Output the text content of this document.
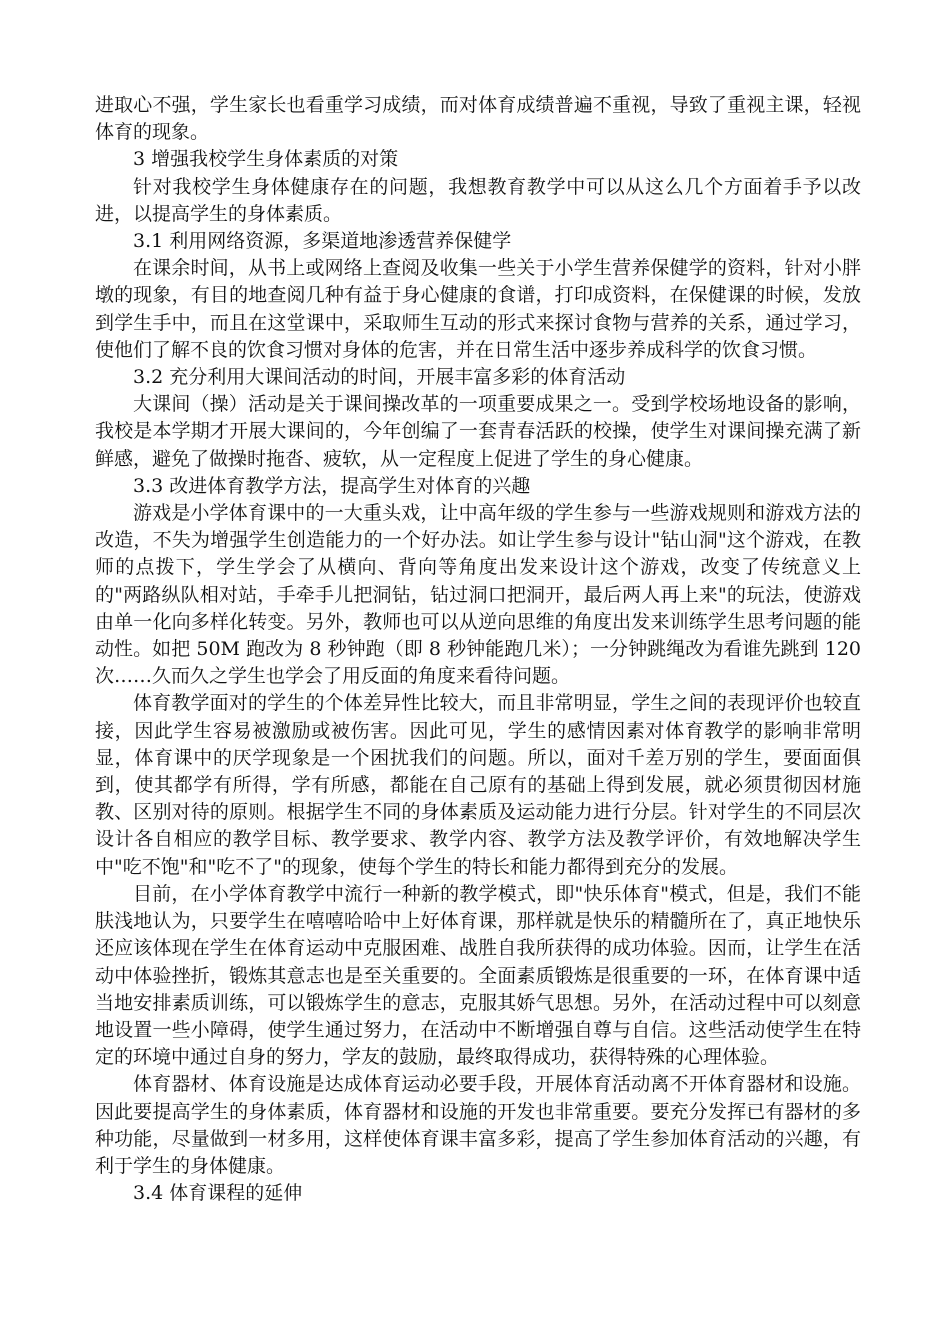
进取心不强，学生家长也看重学习成绩，而对体育成绩普遍不重视，导致了重视主课，轻视体育的现象。

3 增强我校学生身体素质的对策

针对我校学生身体健康存在的问题，我想教育教学中可以从这么几个方面着手予以改进，以提高学生的身体素质。

3.1 利用网络资源，多渠道地渗透营养保健学

在课余时间，从书上或网络上查阅及收集一些关于小学生营养保健学的资料，针对小胖墩的现象，有目的地查阅几种有益于身心健康的食谱，打印成资料，在保健课的时候，发放到学生手中，而且在这堂课中，采取师生互动的形式来探讨食物与营养的关系，通过学习，使他们了解不良的饮食习惯对身体的危害，并在日常生活中逐步养成科学的饮食习惯。

3.2 充分利用大课间活动的时间，开展丰富多彩的体育活动

大课间（操）活动是关于课间操改革的一项重要成果之一。受到学校场地设备的影响，我校是本学期才开展大课间的，今年创编了一套青春活跃的校操，使学生对课间操充满了新鲜感，避免了做操时拖沓、疲软，从一定程度上促进了学生的身心健康。

3.3 改进体育教学方法，提高学生对体育的兴趣

游戏是小学体育课中的一大重头戏，让中高年级的学生参与一些游戏规则和游戏方法的改造，不失为增强学生创造能力的一个好办法。如让学生参与设计"钻山洞"这个游戏，在教师的点拨下，学生学会了从横向、背向等角度出发来设计这个游戏，改变了传统意义上的"两路纵队相对站，手牵手儿把洞钻，钻过洞口把洞开，最后两人再上来"的玩法，使游戏由单一化向多样化转变。另外，教师也可以从逆向思维的角度出发来训练学生思考问题的能动性。如把 50M 跑改为 8 秒钟跑（即 8 秒钟能跑几米）；一分钟跳绳改为看谁先跳到 120 次……久而久之学生也学会了用反面的角度来看待问题。

体育教学面对的学生的个体差异性比较大，而且非常明显，学生之间的表现评价也较直接，因此学生容易被激励或被伤害。因此可见，学生的感情因素对体育教学的影响非常明显，体育课中的厌学现象是一个困扰我们的问题。所以，面对千差万别的学生，要面面俱到，使其都学有所得，学有所感，都能在自己原有的基础上得到发展，就必须贯彻因材施教、区别对待的原则。根据学生不同的身体素质及运动能力进行分层。针对学生的不同层次设计各自相应的教学目标、教学要求、教学内容、教学方法及教学评价，有效地解决学生中"吃不饱"和"吃不了"的现象，使每个学生的特长和能力都得到充分的发展。

目前，在小学体育教学中流行一种新的教学模式，即"快乐体育"模式，但是，我们不能肤浅地认为，只要学生在嘻嘻哈哈中上好体育课，那样就是快乐的精髓所在了，真正地快乐还应该体现在学生在体育运动中克服困难、战胜自我所获得的成功体验。因而，让学生在活动中体验挫折，锻炼其意志也是至关重要的。全面素质锻炼是很重要的一环，在体育课中适当地安排素质训练，可以锻炼学生的意志，克服其娇气思想。另外，在活动过程中可以刻意地设置一些小障碍，使学生通过努力，在活动中不断增强自尊与自信。这些活动使学生在特定的环境中通过自身的努力，学友的鼓励，最终取得成功，获得特殊的心理体验。

体育器材、体育设施是达成体育运动必要手段，开展体育活动离不开体育器材和设施。因此要提高学生的身体素质，体育器材和设施的开发也非常重要。要充分发挥已有器材的多种功能，尽量做到一材多用，这样使体育课丰富多彩，提高了学生参加体育活动的兴趣，有利于学生的身体健康。

3.4 体育课程的延伸
